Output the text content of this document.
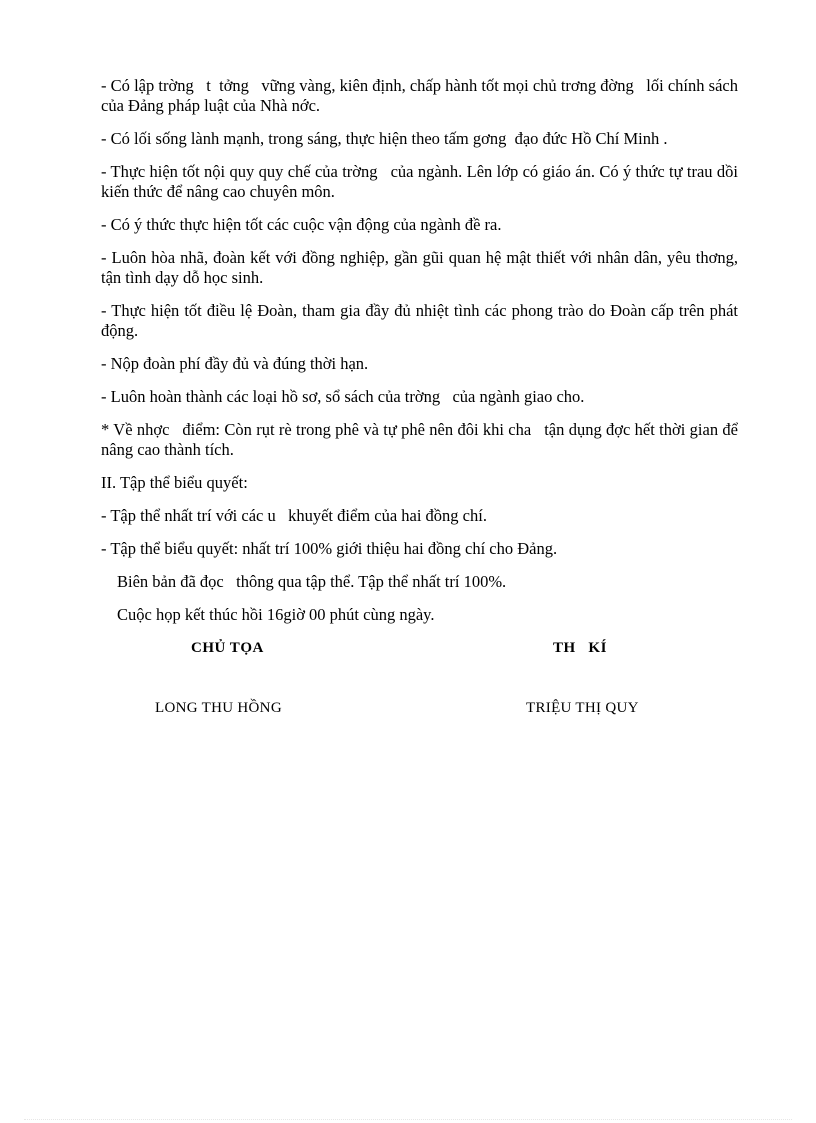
- Có lập trờng   t  tởng   vững vàng, kiên định, chấp hành tốt mọi chủ trơng đờng   lối chính sách của Đảng pháp luật của Nhà nớc.

- Có lối sống lành mạnh, trong sáng, thực hiện theo tấm gơng  đạo đức Hồ Chí Minh .

- Thực hiện tốt nội quy quy chế của trờng   của ngành. Lên lớp có giáo án. Có ý thức tự trau dồi kiến thức để nâng cao chuyên môn.

- Có ý thức thực hiện tốt các cuộc vận động của ngành đề ra.

- Luôn hòa nhã, đoàn kết với đồng nghiệp, gần gũi quan hệ mật thiết với nhân dân, yêu thơng,   tận tình dạy dỗ học sinh.

- Thực hiện tốt điều lệ Đoàn, tham gia đầy đủ nhiệt tình các phong trào do Đoàn cấp trên phát động.

- Nộp đoàn phí đầy đủ và đúng thời hạn.

- Luôn hoàn thành các loại hồ sơ, sổ sách của trờng   của ngành giao cho.

* Về nhợc   điểm: Còn rụt rè trong phê và tự phê nên đôi khi cha   tận dụng đợc hết thời gian để nâng cao thành tích.

II. Tập thể biểu quyết:

- Tập thể nhất trí với các u   khuyết điểm của hai đồng chí.

- Tập thể biểu quyết: nhất trí 100% giới thiệu hai đồng chí cho Đảng.

Biên bản đã đọc   thông qua tập thể. Tập thể nhất trí 100%.

Cuộc họp kết thúc hồi 16giờ 00 phút cùng ngày.

CHỦ TỌA	TH   KÍ
LONG THU HỒNG	TRIỆU THỊ QUY
